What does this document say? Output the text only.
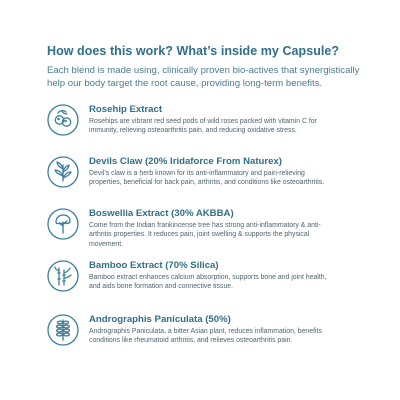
How does this work? What’s inside my Capsule?

Each blend is made using, clinically proven bio-actives that synergistically help our body target the root cause, providing long-term benefits.

Rosehip Extract

Rosehips are vibrant red seed pods of wild roses packed with vitamin C for immunity, relieving osteoarthritis pain, and reducing oxidative stress.

Devils Claw (20% Iridaforce From Naturex)

Devil’s claw is a herb known for its anti-inflammatory and pain-relieving properties, beneficial for back pain, arthritis, and conditions like osteoarthritis.

Boswellia Extract (30% AKBBA)

Come from the Indian frankincense tree has strong anti-inflammatory & anti-arthritis properties. It reduces pain, joint swelling & supports the physical movement.

Bamboo Extract (70% Silica)

Bamboo extract enhances calcium absorption, supports bone and joint health, and aids bone formation and connective tissue.

Andrographis Paniculata (50%)

Andrographis Paniculata, a bitter Asian plant, reduces inflammation, benefits conditions like rheumatoid arthritis, and relieves osteoarthritis pain.
